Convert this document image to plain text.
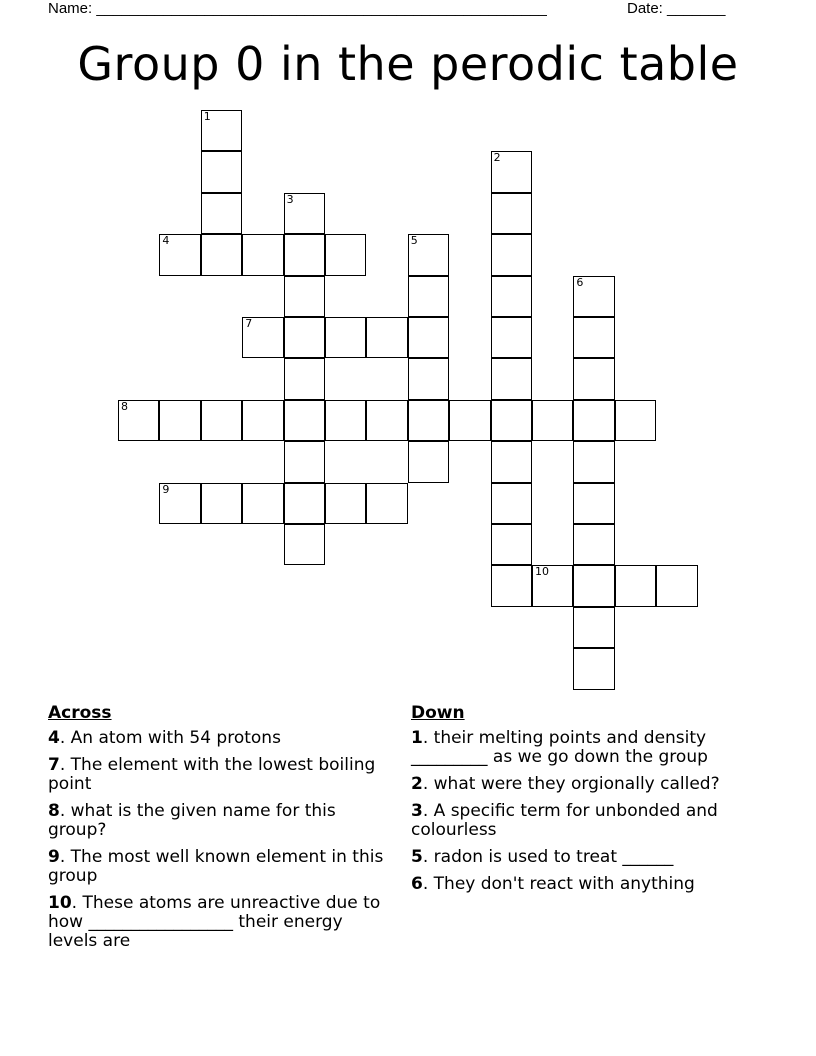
Name: ______________________________________________________	Date: _______
Group 0 in the perodic table
1
2
3
4	5
6
7
8
9
10
Across
4. An atom with 54 protons
7. The element with the lowest boiling point
8. what is the given name for this group?
9. The most well known element in this group
10. These atoms are unreactive due to how _________________ their energy levels are
Down
1. their melting points and density _________ as we go down the group
2. what were they orgionally called?
3. A specific term for unbonded and colourless
5. radon is used to treat ______
6. They don't react with anything
